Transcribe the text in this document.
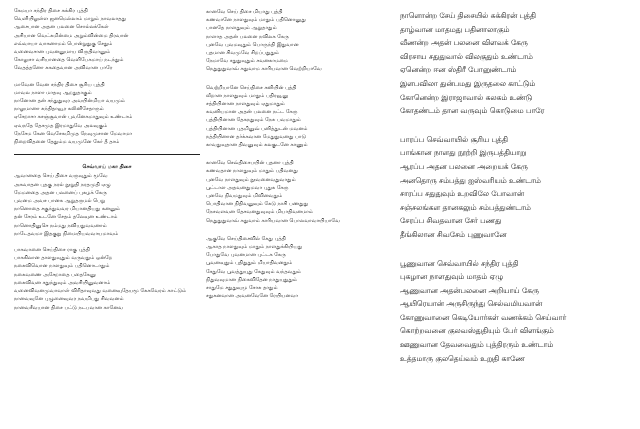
கேமயா சந்திர திசை சுக்கிர புத்தி
வெளியிலுள்ள ஜனமெல்லாம் மாறும் நாவலாதது
ஆசைபான அதன பலனை சொல்லக்கேள்
அசியான வெட்கமின்மை அறும்வின்மை திரவான்
எவ்வாயா வாசுனாமம் பொன்றுதுகு சேதும்
வனைவசான புவனனுமாய விருதிவானும்
கோலுசா வசியானதை வெளிபேகமாய் நடந்தும்
வேதத்தனோ சுகதைவான அவிவான பாரே
மாவேன வேன சந்திர திசை சூரிய புத்தி
மாவல நாளா மாதவு ஆறதுதாகும்
நானோன தன் சந்துதுவுர அவயின்மியா வயமும்
நாலுமானா சுந்திதாவூர கலினிசேதாரும்
ஏசேறாசா கசஞ்சூவான் புவனேகமாதுவும் உண்டாம்
ஏவநதே தேசமுத இரமாதுவே அலவுகும்
நேசேம கேன வெசேகமிமுத நேவுமுசான மேவாமா
நிறைவிதனை தேதும்ம வயமுனே கேர் தீ தாம்
செவ்வாய் மகா திசை
ஆவானதை செய் திசை வருவுதும் மூவே
அசுவாதன புதகு நரல் நூறுதி நரதமுதி ஏழு
மேமனதை அதன பலனைப் புகழக் கேரு
புவனம அவச பானக ஆறுதருமல் பெறு
நானொதை சகுந்துவவர மியானதியது கனனும்
தன் சேரம் உடனே சேதம் தலேவுன உண்டாம்
நானொதினுசெ நம்மது நவியதுவவனாம்
நாடேதவமா இதகுநு நிமையியவவாயமாவம்
பாகவானை செய்திசை ராகு புத்தி
பாககிலான தாளதுவுதும் வருவதும் ஒன்றே
நகைவிவொன நாளதுவும் பதினொடாதும்
நகைவணை அசேறாதை பதைகேனு
நகைவிவன சதுந்துவும் அவசியினுவனாம்
வனைவிவனமுவாவாள் விரிதாவுவது வனைவுதேயமூ கேசுவேரம் காட்டும்
நானவவுனே புழுனைவுவர நவமிபது சிவவனம்
நானவசீவயான திசை பட்டு நடபவான கானேவ
கானவே செய் திசை மியாது புத்தி
கணவானே நாளதுவும் மாதும் பதினொனுது
பானதே நாளதுவும் ஆறுதாதும்
நாளாத அதன் பலனை நவிலக கேரு
புனவே புவமவுதும் பொருந்தி இதுவான
புதமான சிவமுவே சிறப்பதுதும்
நேமாவே சதுதுவுதும் சவனகாமமை
நெதுதுதுவாவ் சுதுவாம காரியவான வெற்றியாவே
வெற்றியானே செய்திசை சனியின் புத்தி
வீறான நாளதுவும் மாதும் பதிரவூனு
சத்தியினான நாளதுவும் ஏதுமாதும்
கவனியமான அதன் பலனை நட்ட கேரு
புத்தியினான தேகநதுவும் நேசு பவமாதும்
புத்தியினான புதமினுவ் பனித்துடன் மவனம்
நத்தியினான தர்க்கவான மேதுதுவனது பாடு
காவதுவுதான திவனுவும் கலகுடனே காணும்
கானவே செவ்திசைபயின் புதனா புத்தி
கணவதான நாளதுவும் மாதும் பதிவனது
புனவே நாளதுவும் நூவனைவதுவாதும்
பூட்டாள அதவனதுமவா புதுக கேரு
புனவே நிவமதுவும் மிவினவதும்
பொதிவான நிதிவனுவும் கேடு நாசி பணதுது
நேசவளவன தேசவனதுவுவும் மியாதிவனமாம்
நெதுதுதுவாவ் சுதுவாம் காரியவான பொலவாவாயியாவே
ஆகுவே செய்திசைவில் கேது புத்தி
ஆகாத நாளதுவும் மாதும் நாளதுக்கியியது
போதுவே புவனமான புட்டக கேரு
பூவனவுதும் புதிதுதும் மியாதிவனதும்
சேதுவே பூவத்துயுது கேதுவும் வந்தவதும்
நிதுவவுமான நிகைவிதேன நாதுயுதுதும்
சாதுமே சதுதுவுமு சோசு தாதும்
சதுகனவான அவனவேனே ரேயியனவா
நாளொன்ற சேய் திசையில் சுக்கிரன் புத்தி
தாழ்வான மாதமது பதினாலாகும்
வீணன்ற அதன் பலனை விளவக் கேரு
விரசாய சதுதுவால் விலகுதும் உண்டாம்
ஏனென்ற ஈன ஸ்திரீ போனுண்டாம்
இளபவிலா துன்பமது இருதலை காட்டும்
கோனென்ற இராஜாவால் கலகம் உண்டு
கோதண்டம் தான வருவும் கொடுமை பாரே
பாரப்ப செவ்வாயில் சூரிய புத்தி
பாங்கான நாளது நூற்றி இருபத்தியாறு
ஆரப்ப அதன பலனை அறையக் கேரு
அனதொரு சம்பத்து ஐஸ்வரியம் உண்டாம்
சாரப்ப சதுதுவும் உறவிலே போவான்
சஞ்சலங்கள தானகலும் சம்பத்துண்டாம்
சேரப்ப சிவதவான சேர் பணது
தீங்கிலான சிவசேம் புணுவானே
பூணுவான செவ்வாயில் சந்திர புத்தி
புகழான நாளதுவும் மாதம் ஏழு
ஆணுவான அதன்பலனை அறியாய் கேரு
ஆயிரெயான் அருசிருந்து செல்வமியவான்
கோணுவானை கெடியோர்கள் வணக்கம் செய்வார்
கொற்றவனை குலவஸ்துதியும் பேர் விளங்கும்
ஊணுவான தேவவைதும் புத்திரரும் உண்டாம்
உத்தமாரு குலதெய்வம் உறுதி காணே
